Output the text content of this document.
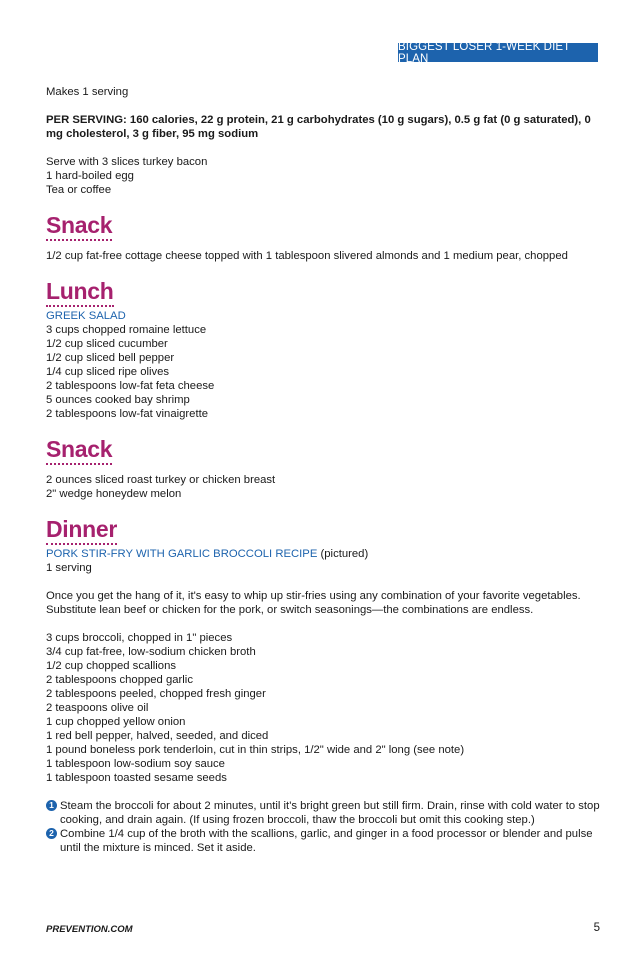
BIGGEST LOSER 1-WEEK DIET PLAN
Makes 1 serving
PER SERVING: 160 calories, 22 g protein, 21 g carbohydrates (10 g sugars), 0.5 g fat (0 g saturated), 0 mg cholesterol, 3 g fiber, 95 mg sodium
Serve with 3 slices turkey bacon
1 hard-boiled egg
Tea or coffee
Snack
1/2 cup fat-free cottage cheese topped with 1 tablespoon slivered almonds and 1 medium pear, chopped
Lunch
GREEK SALAD
3 cups chopped romaine lettuce
1/2 cup sliced cucumber
1/2 cup sliced bell pepper
1/4 cup sliced ripe olives
2 tablespoons low-fat feta cheese
5 ounces cooked bay shrimp
2 tablespoons low-fat vinaigrette
Snack
2 ounces sliced roast turkey or chicken breast
2" wedge honeydew melon
Dinner
PORK STIR-FRY WITH GARLIC BROCCOLI RECIPE (pictured)
1 serving
Once you get the hang of it, it's easy to whip up stir-fries using any combination of your favorite vegetables. Substitute lean beef or chicken for the pork, or switch seasonings—the combinations are endless.
3 cups broccoli, chopped in 1" pieces
3/4 cup fat-free, low-sodium chicken broth
1/2 cup chopped scallions
2 tablespoons chopped garlic
2 tablespoons peeled, chopped fresh ginger
2 teaspoons olive oil
1 cup chopped yellow onion
1 red bell pepper, halved, seeded, and diced
1 pound boneless pork tenderloin, cut in thin strips, 1/2" wide and 2" long (see note)
1 tablespoon low-sodium soy sauce
1 tablespoon toasted sesame seeds
1 Steam the broccoli for about 2 minutes, until it's bright green but still firm. Drain, rinse with cold water to stop cooking, and drain again. (If using frozen broccoli, thaw the broccoli but omit this cooking step.)
2 Combine 1/4 cup of the broth with the scallions, garlic, and ginger in a food processor or blender and pulse until the mixture is minced. Set it aside.
PREVENTION.COM	5
